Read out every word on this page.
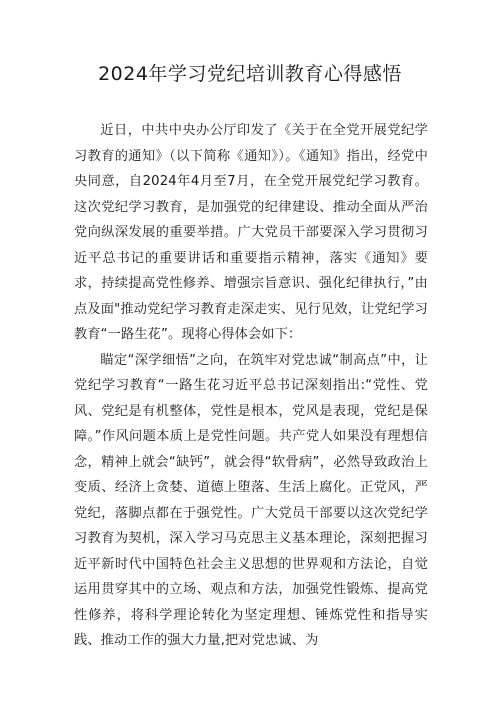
2024年学习党纪培训教育心得感悟

近日，中共中央办公厅印发了《关于在全党开展党纪学习教育的通知》（以下简称《通知》）。《通知》指出，经党中央同意，自2024年4月至7月，在全党开展党纪学习教育。这次党纪学习教育，是加强党的纪律建设、推动全面从严治党向纵深发展的重要举措。广大党员干部要深入学习贯彻习近平总书记的重要讲话和重要指示精神，落实《通知》要求，持续提高党性修养、增强宗旨意识、强化纪律执行，”由点及面"推动党纪学习教育走深走实、见行见效，让党纪学习教育“一路生花”。现将心得体会如下：

瞄定“深学细悟”之向，在筑牢对党忠诚“制高点”中，让党纪学习教育“一路生花习近平总书记深刻指出:“党性、党风、党纪是有机整体，党性是根本，党风是表现，党纪是保障。”作风问题本质上是党性问题。共产党人如果没有理想信念，精神上就会“缺钙”，就会得“软骨病”，必然导致政治上变质、经济上贪婪、道德上堕落、生活上腐化。正党风，严党纪，落脚点都在于强党性。广大党员干部要以这次党纪学习教育为契机，深入学习马克思主义基本理论，深刻把握习近平新时代中国特色社会主义思想的世界观和方法论，自觉运用贯穿其中的立场、观点和方法，加强党性锻炼、提高党性修养，将科学理论转化为坚定理想、锤炼党性和指导实践、推动工作的强大力量,把对党忠诚、为
